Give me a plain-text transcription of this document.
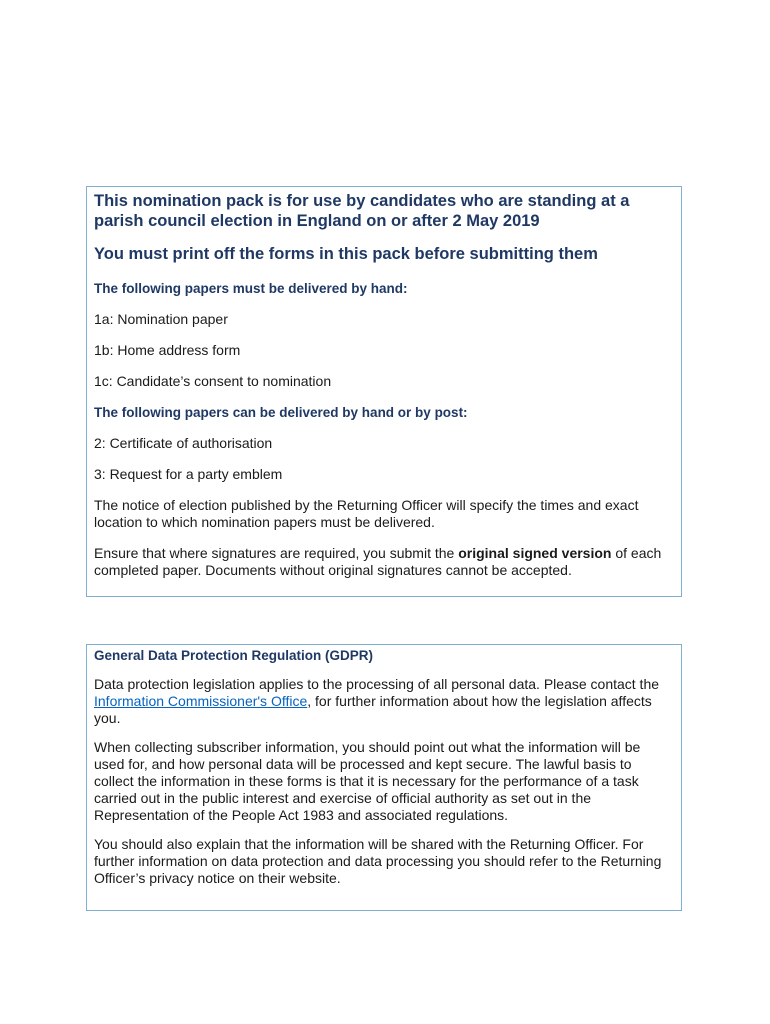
This nomination pack is for use by candidates who are standing at a parish council election in England on or after 2 May 2019

You must print off the forms in this pack before submitting them

The following papers must be delivered by hand:

1a: Nomination paper

1b: Home address form

1c: Candidate’s consent to nomination

The following papers can be delivered by hand or by post:

2: Certificate of authorisation

3: Request for a party emblem

The notice of election published by the Returning Officer will specify the times and exact location to which nomination papers must be delivered.

Ensure that where signatures are required, you submit the original signed version of each completed paper. Documents without original signatures cannot be accepted.

General Data Protection Regulation (GDPR)

Data protection legislation applies to the processing of all personal data. Please contact the Information Commissioner's Office, for further information about how the legislation affects you.

When collecting subscriber information, you should point out what the information will be used for, and how personal data will be processed and kept secure. The lawful basis to collect the information in these forms is that it is necessary for the performance of a task carried out in the public interest and exercise of official authority as set out in the Representation of the People Act 1983 and associated regulations.

You should also explain that the information will be shared with the Returning Officer. For further information on data protection and data processing you should refer to the Returning Officer’s privacy notice on their website.
